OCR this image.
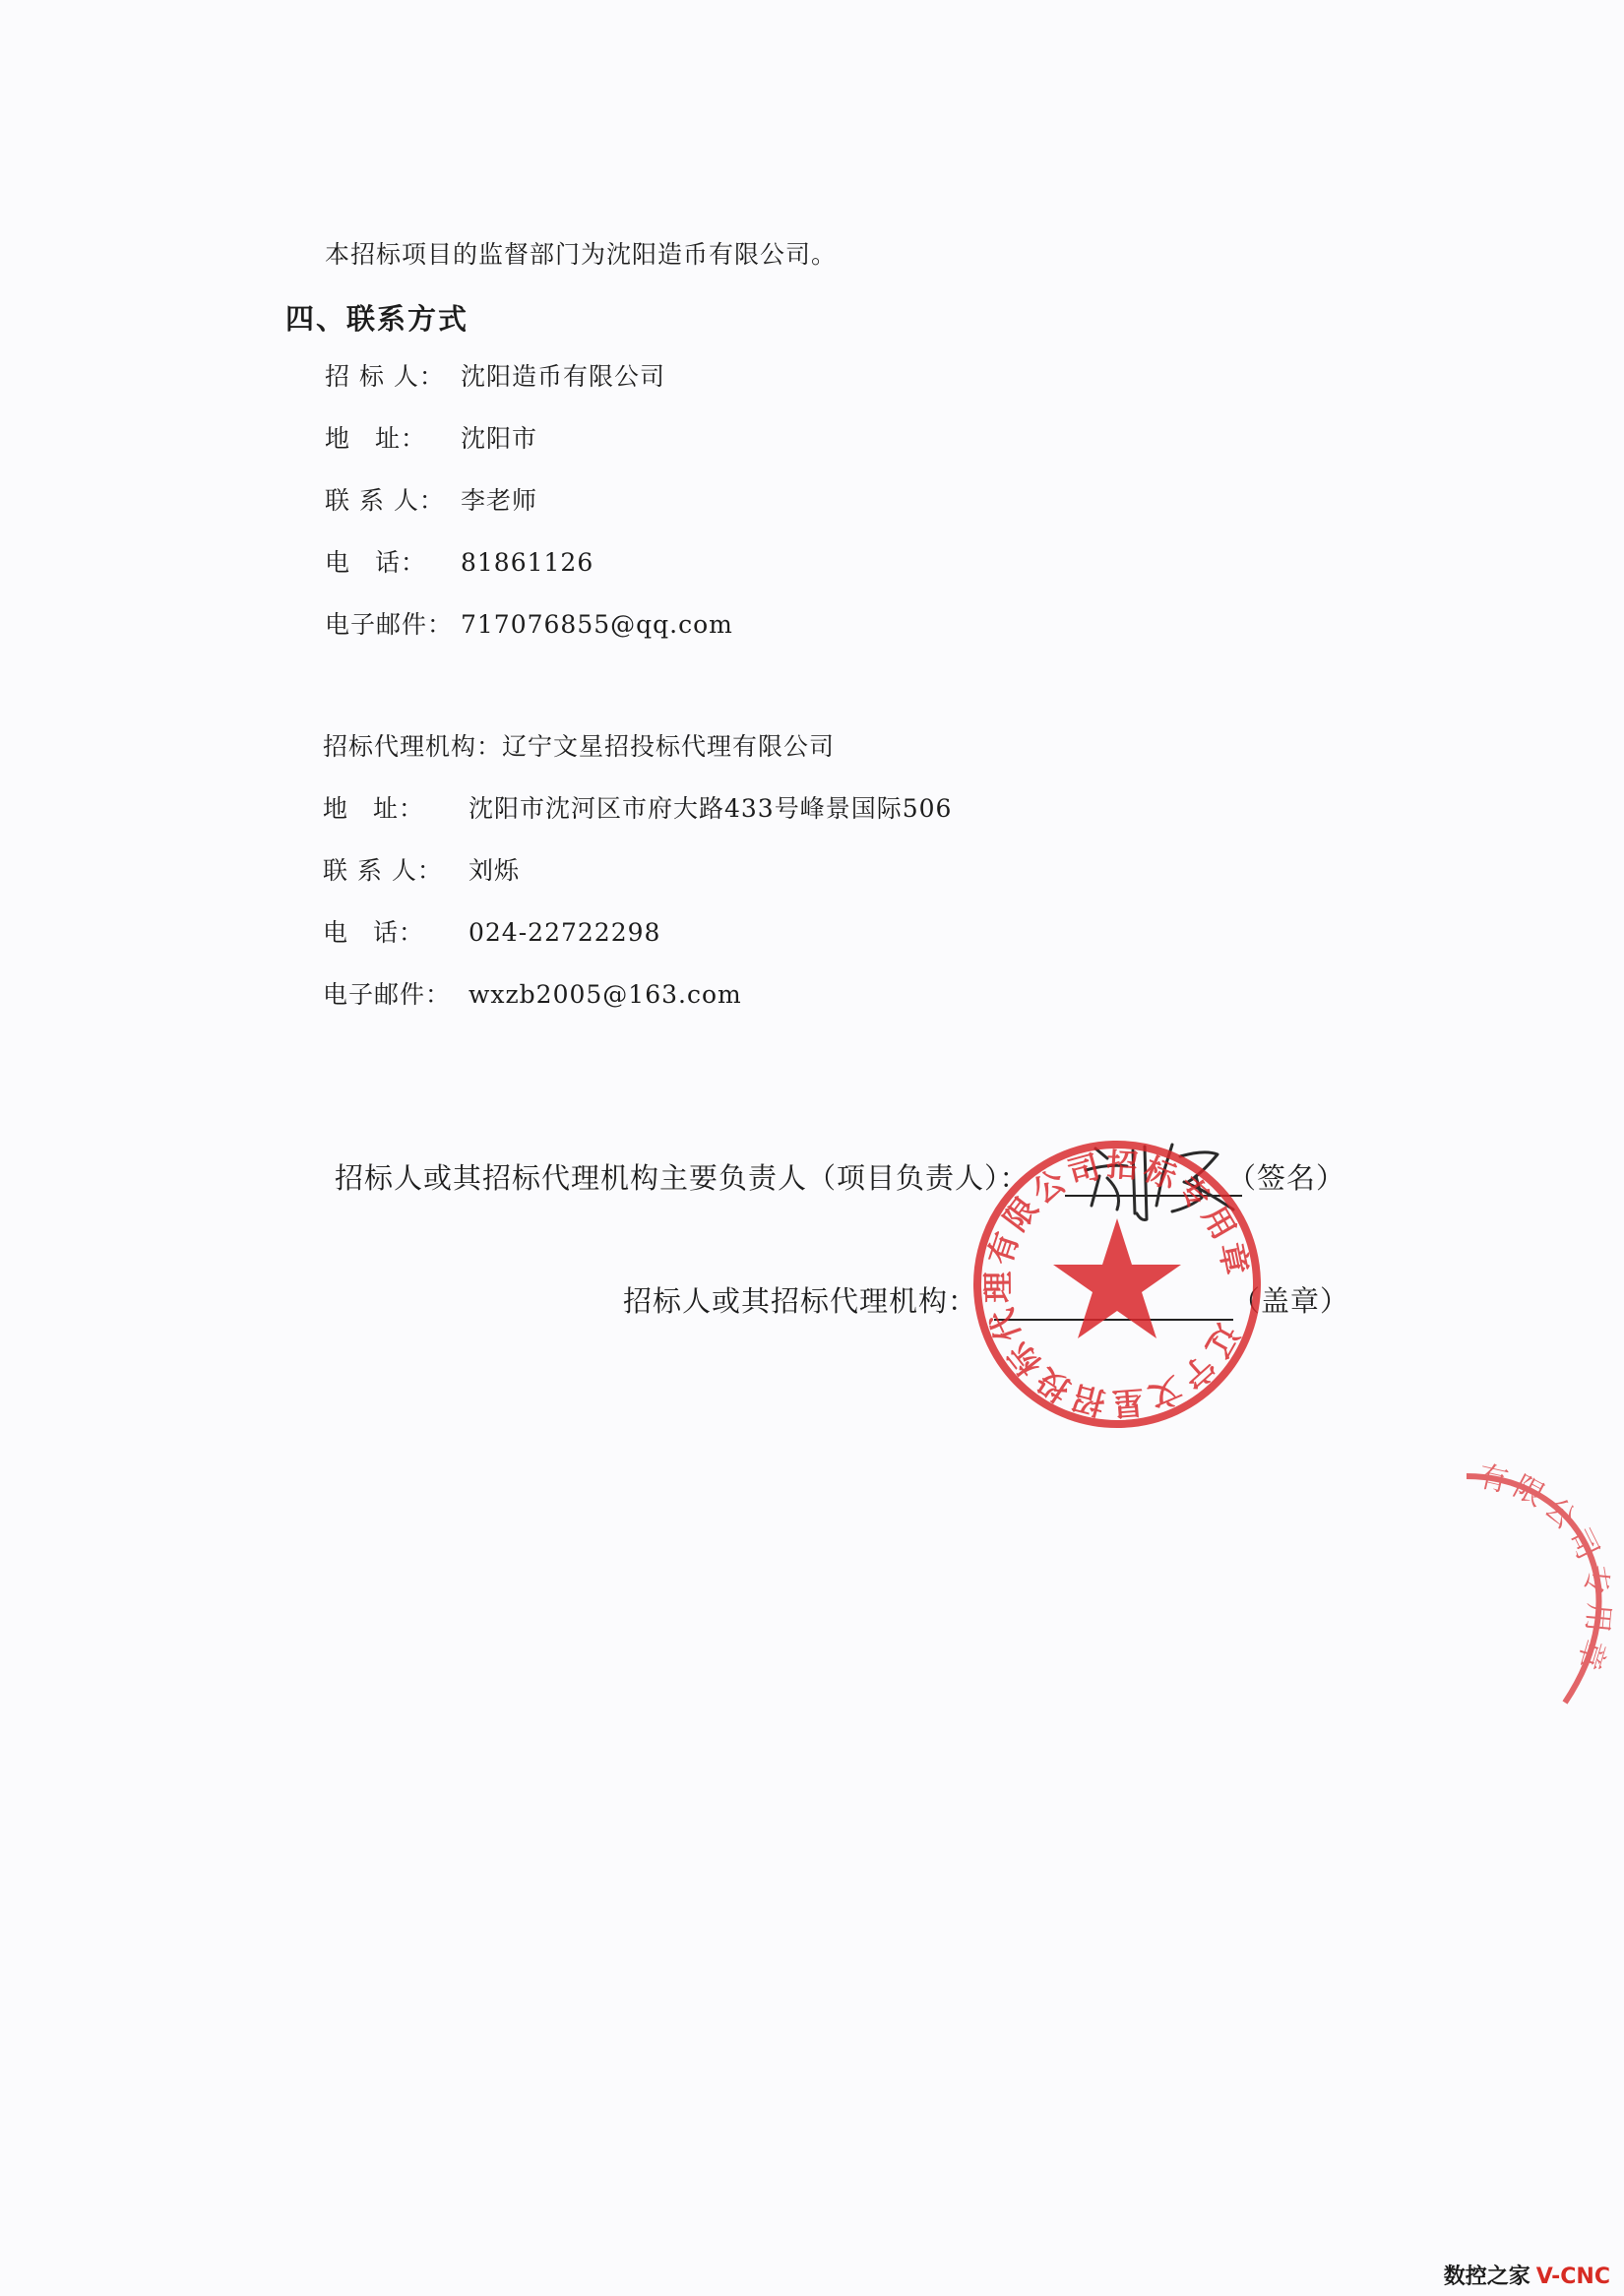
本招标项目的监督部门为沈阳造币有限公司。
四、联系方式
招 标 人： 沈阳造币有限公司
地 址： 沈阳市
联 系 人： 李老师
电 话： 81861126
电子邮件： 717076855@qq.com
招标代理机构：辽宁文星招投标代理有限公司
地 址： 沈阳市沈河区市府大路433号峰景国际506
联 系 人： 刘烁
电 话： 024-22722298
电子邮件： wxzb2005@163.com
招标人或其招标代理机构主要负责人（项目负责人）：	（签名）
招标人或其招标代理机构：	（盖章）
辽宁文星招投标代理有限公司招标专用章
有限公司专用章
数控之家 V-CNC
